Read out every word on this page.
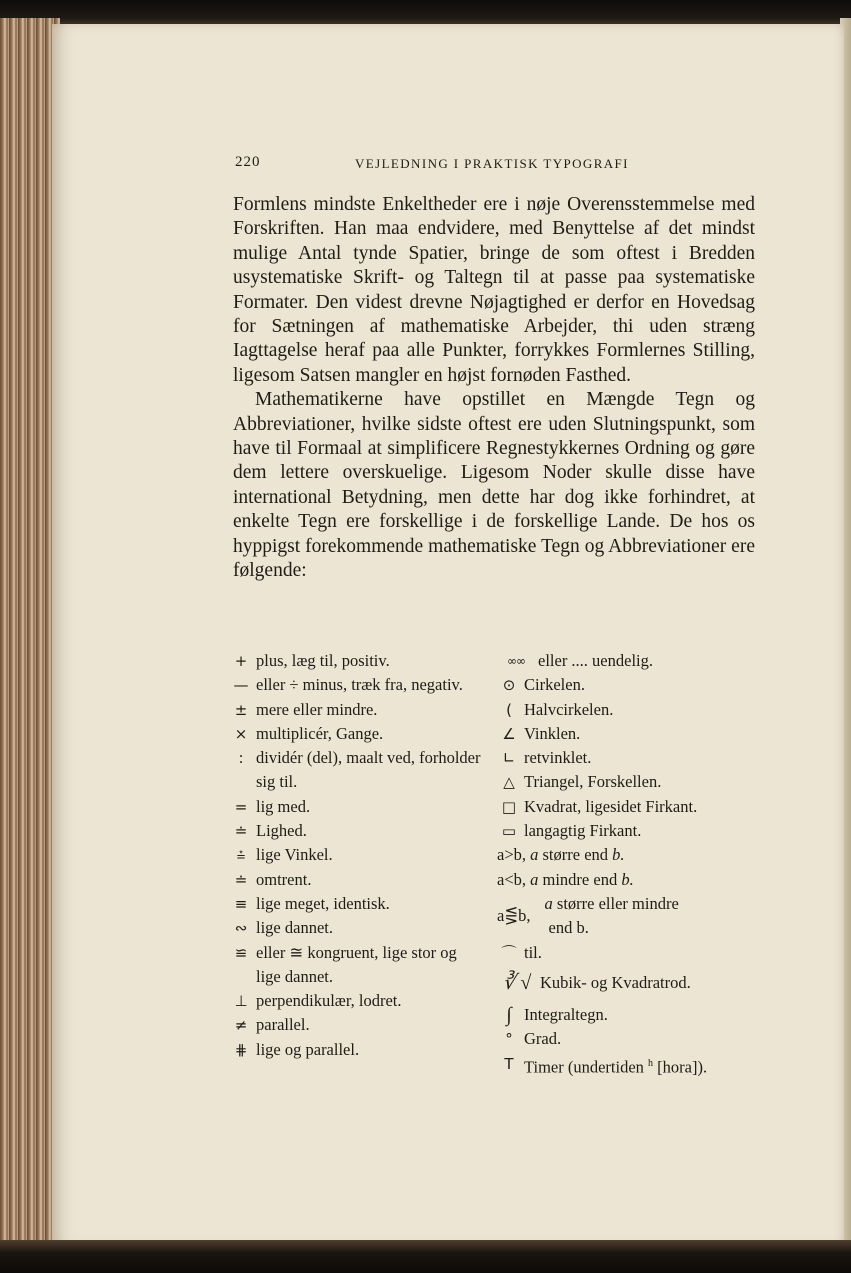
220	VEJLEDNING I PRAKTISK TYPOGRAFI

Formlens mindste Enkeltheder ere i nøje Overensstemmelse med Forskriften. Han maa endvidere, med Benyttelse af det mindst mulige Antal tynde Spatier, bringe de som oftest i Bredden usystematiske Skrift- og Taltegn til at passe paa systematiske Formater. Den videst drevne Nøjagtighed er derfor en Hovedsag for Sætningen af mathematiske Arbejder, thi uden stræng Iagttagelse heraf paa alle Punkter, forrykkes Formlernes Stilling, ligesom Satsen mangler en højst fornøden Fasthed.

Mathematikerne have opstillet en Mængde Tegn og Abbreviationer, hvilke sidste oftest ere uden Slutningspunkt, som have til Formaal at simplificere Regnestykkernes Ordning og gøre dem lettere overskuelige. Ligesom Noder skulle disse have international Betydning, men dette har dog ikke forhindret, at enkelte Tegn ere forskellige i de forskellige Lande. De hos os hyppigst forekommende mathematiske Tegn og Abbreviationer ere følgende:

+ plus, læg til, positiv.
— eller ÷ minus, træk fra, negativ.
± mere eller mindre.
× multiplicér, Gange.
: dividér (del), maalt ved, forholder sig til.
= lig med.
≐ Lighed.
⩮ lige Vinkel.
≐ omtrent.
≡ lige meget, identisk.
∾ lige dannet.
≌ eller ≅ kongruent, lige stor og lige dannet.
⊥ perpendikulær, lodret.
≠ parallel.
⋕ lige og parallel.
∞∞ eller .... uendelig.
⊙ Cirkelen.
( Halvcirkelen.
∠ Vinklen.
∟ retvinklet.
△ Triangel, Forskellen.
□ Kvadrat, ligesidet Firkant.
▭ langagtig Firkant.
a>b,
a
større end
b.
a<b,
a
mindre end
b.
a⋚b,
a større eller mindre
end b.
⌒ til.
∛ √ Kubik- og Kvadratrod.
∫ Integraltegn.
° Grad.
T Timer (undertiden $^h$ [hora]).
